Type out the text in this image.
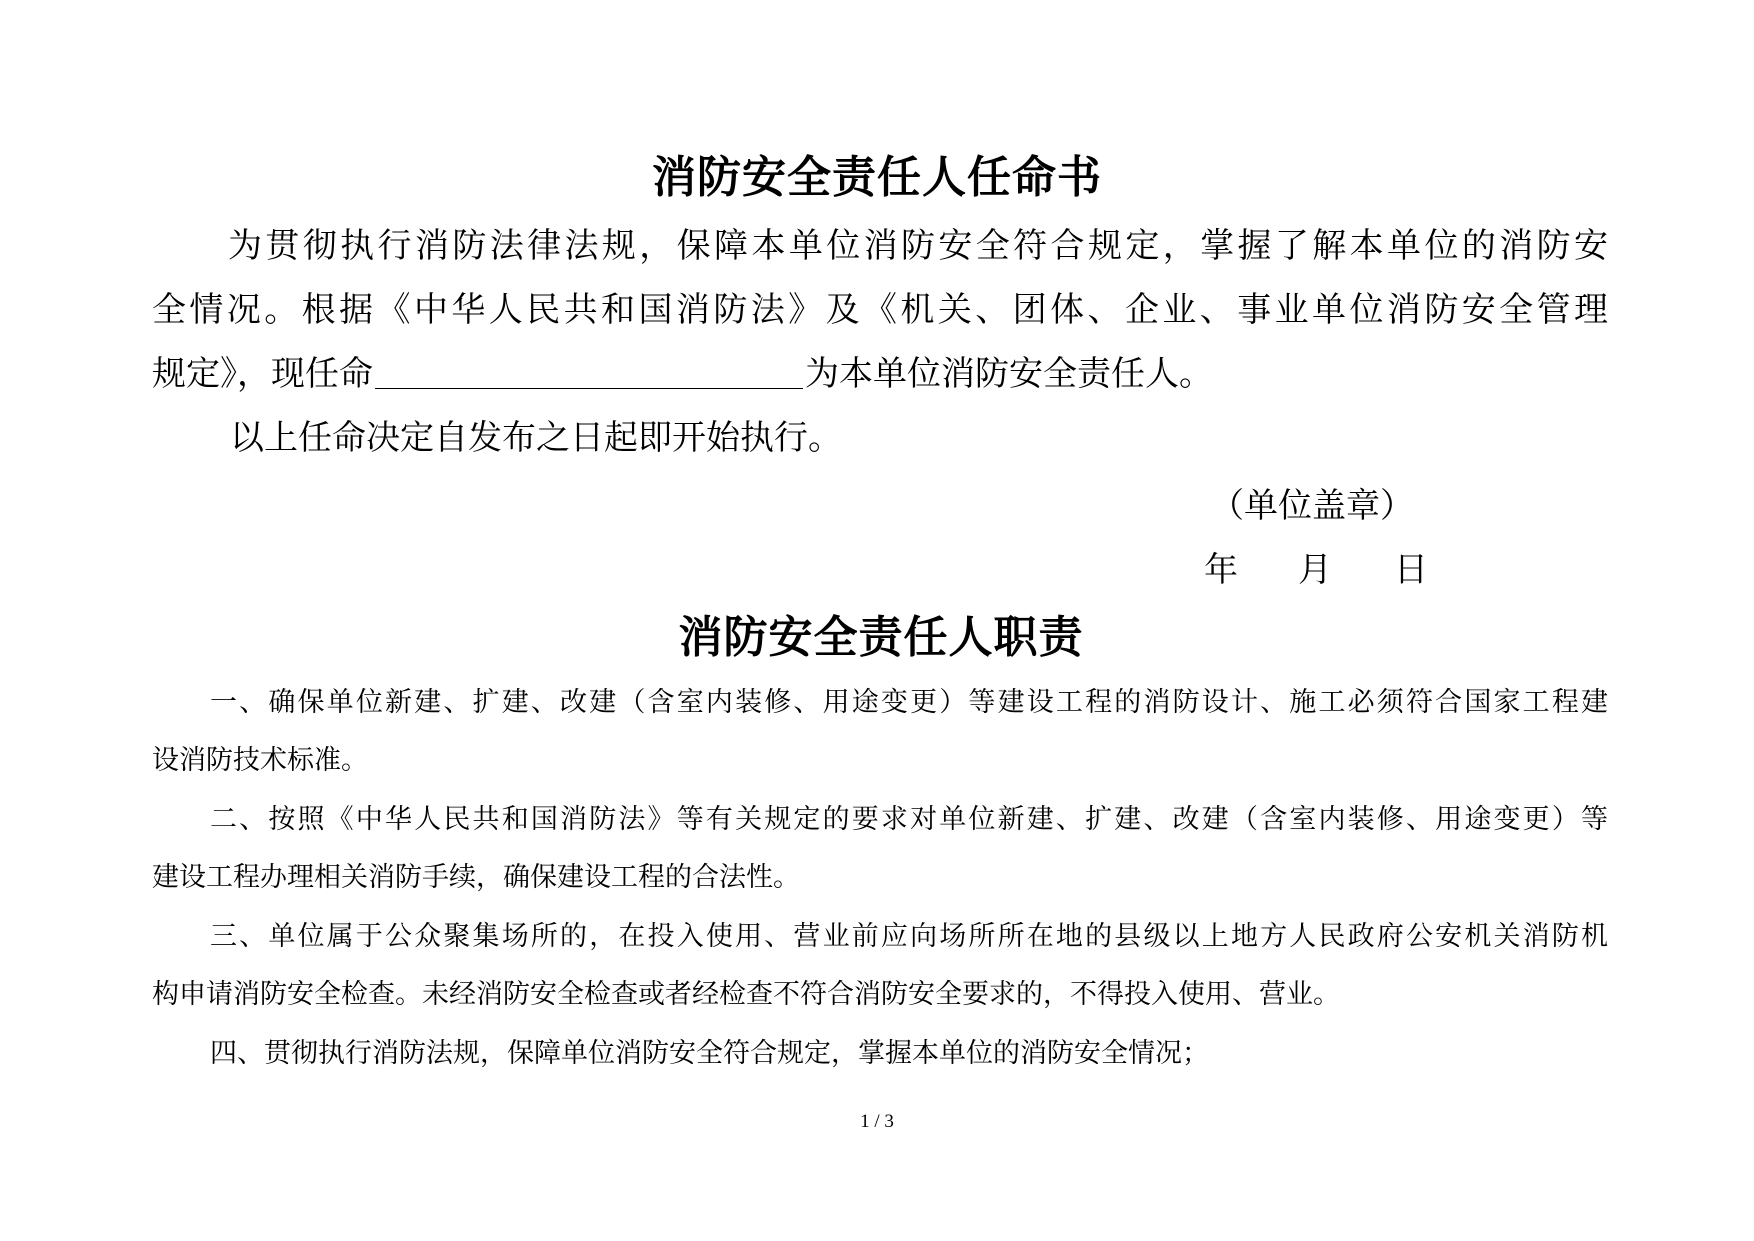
消防安全责任人任命书
为贯彻执行消防法律法规，保障本单位消防安全符合规定，掌握了解本单位的消防安
全情况。根据《中华人民共和国消防法》及《机关、团体、企业、事业单位消防安全管理
规定》，现任命	为本单位消防安全责任人。
以上任命决定自发布之日起即开始执行。
（单位盖章）
年 月 日
消防安全责任人职责
一、确保单位新建、扩建、改建（含室内装修、用途变更）等建设工程的消防设计、施工必须符合国家工程建
设消防技术标准。
二、按照《中华人民共和国消防法》等有关规定的要求对单位新建、扩建、改建（含室内装修、用途变更）等
建设工程办理相关消防手续，确保建设工程的合法性。
三、单位属于公众聚集场所的，在投入使用、营业前应向场所所在地的县级以上地方人民政府公安机关消防机
构申请消防安全检查。未经消防安全检查或者经检查不符合消防安全要求的，不得投入使用、营业。
四、贯彻执行消防法规，保障单位消防安全符合规定，掌握本单位的消防安全情况；
1 / 3
